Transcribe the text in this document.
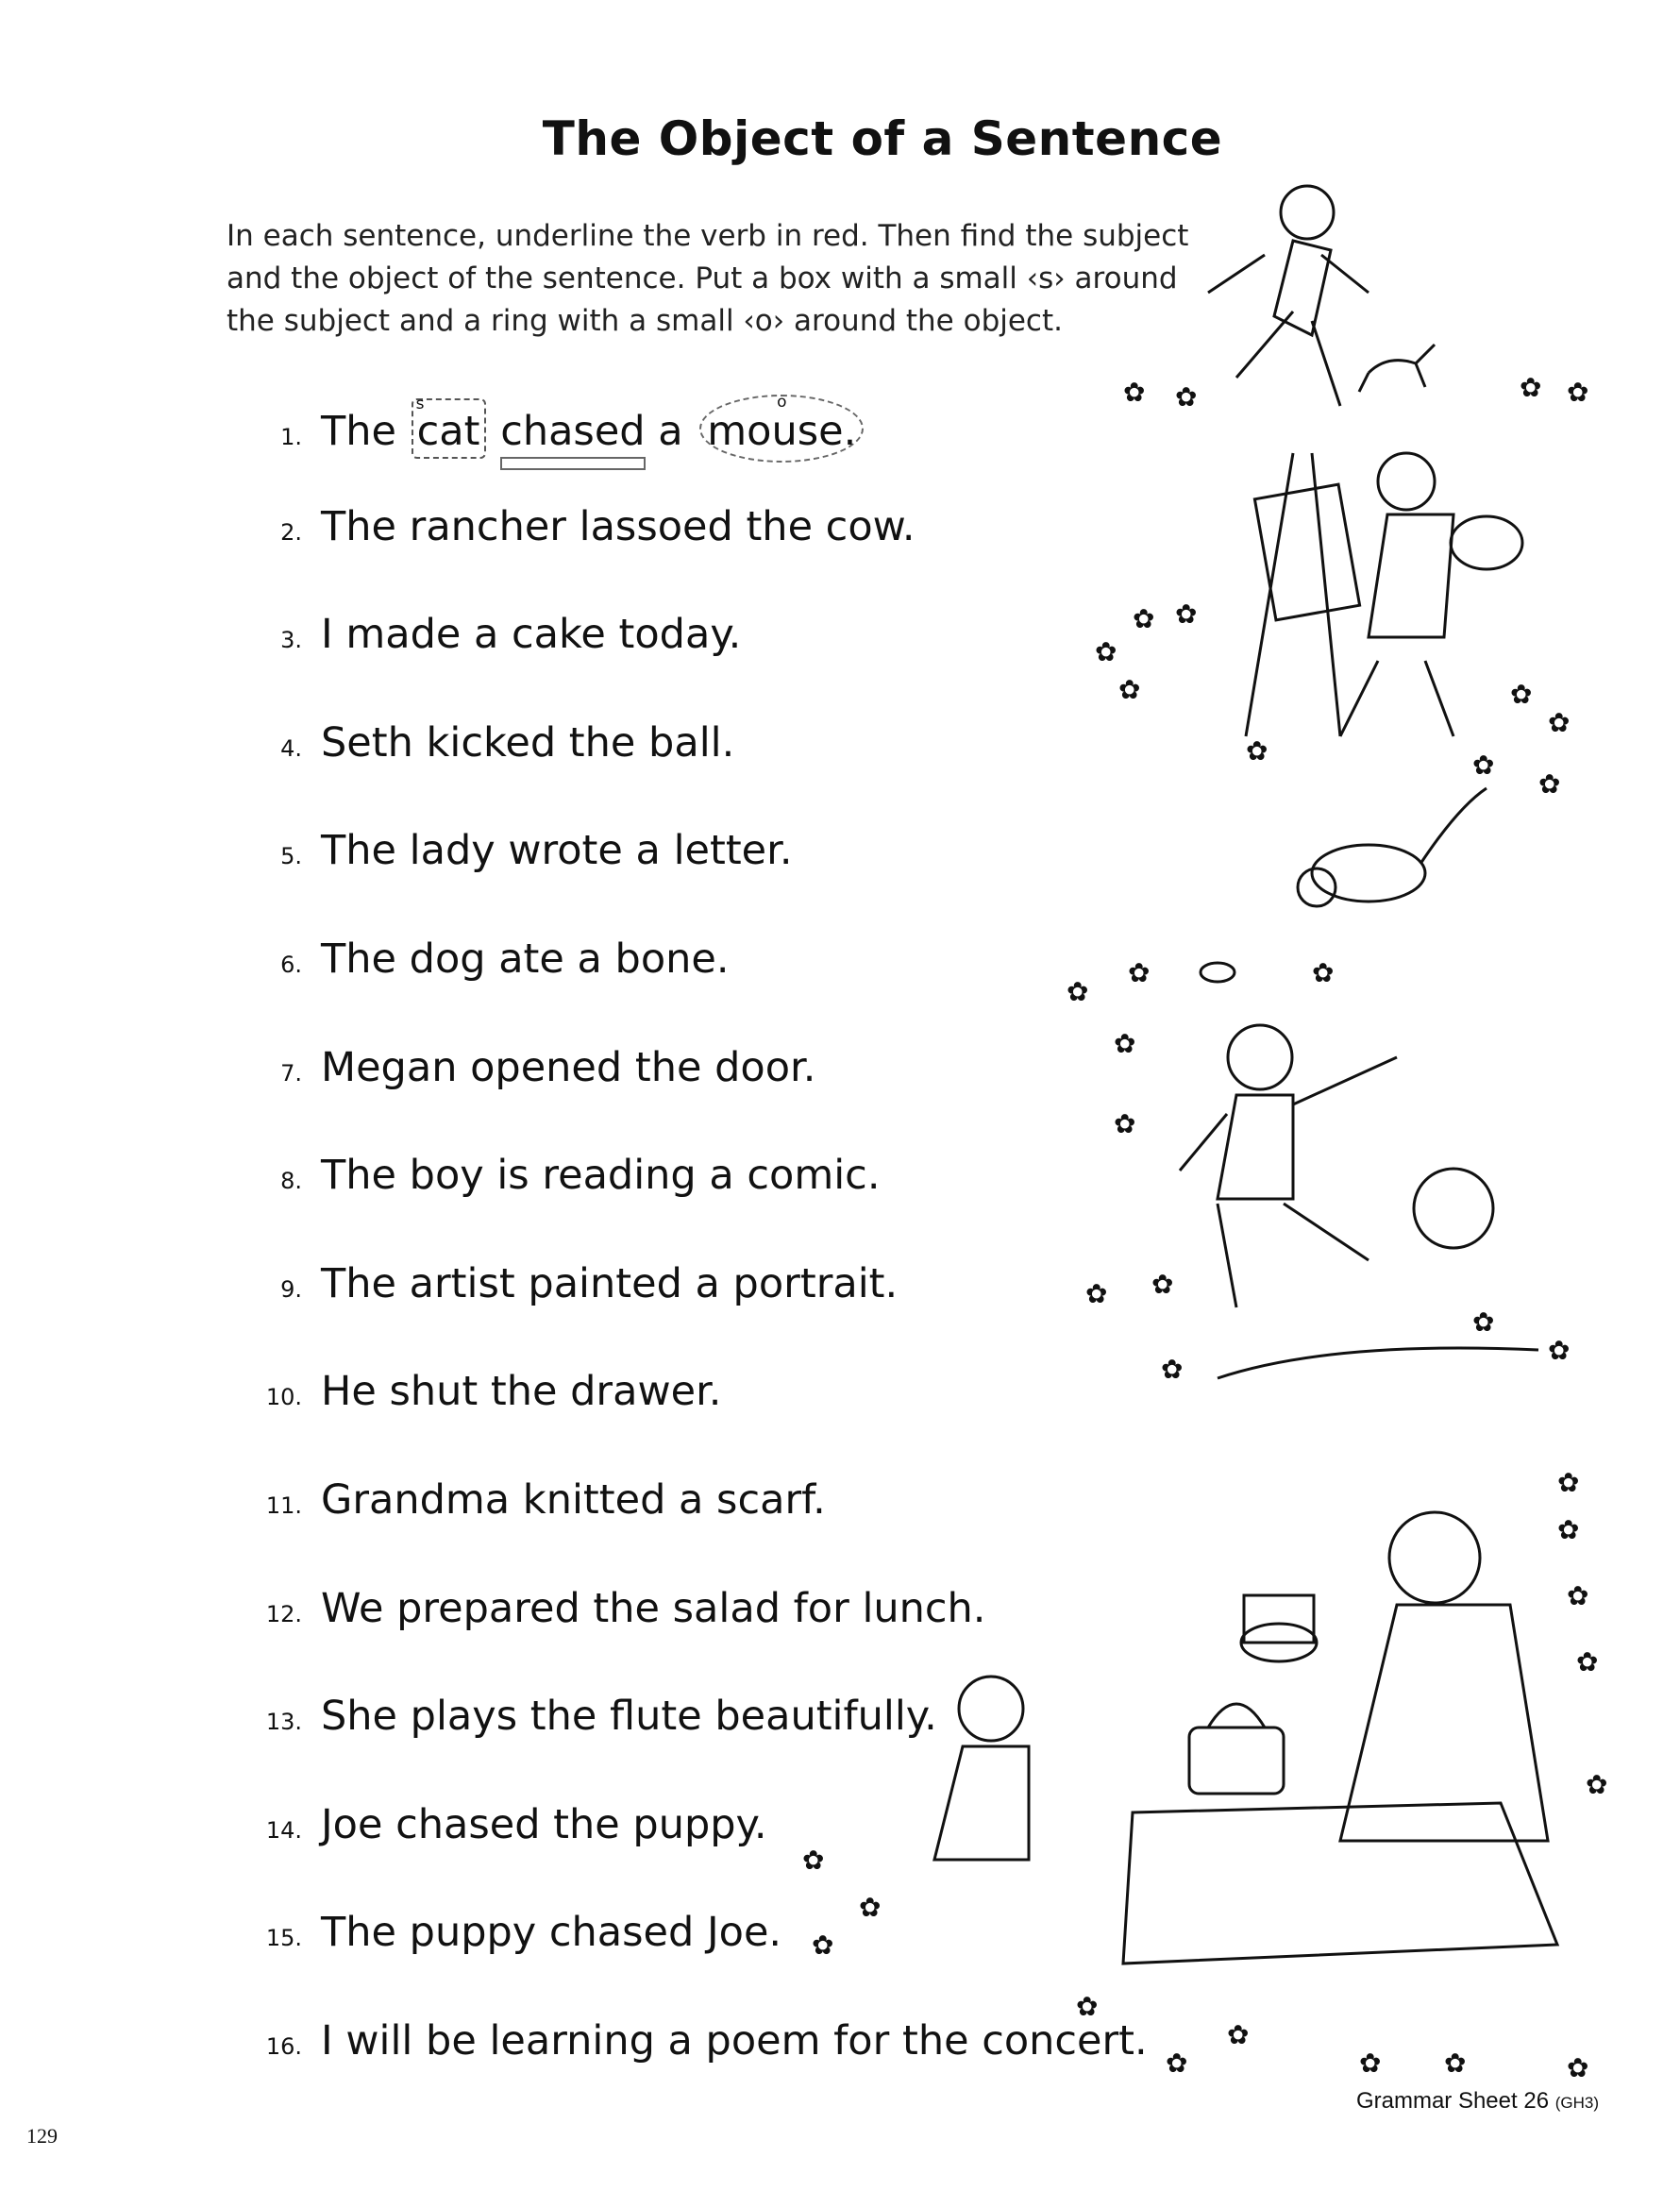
The Object of a Sentence
In each sentence, underline the verb in red. Then find the subject and the object of the sentence. Put a box with a small ‹s› around the subject and a ring with a small ‹o› around the object.
1. The
s
cat chased a
o
mouse.
2. The rancher lassoed the cow.
3. I made a cake today.
4. Seth kicked the ball.
5. The lady wrote a letter.
6. The dog ate a bone.
7. Megan opened the door.
8. The boy is reading a comic.
9. The artist painted a portrait.
10. He shut the drawer.
11. Grandma knitted a scarf.
12. We prepared the salad for lunch.
13. She plays the flute beautifully.
14. Joe chased the puppy.
15. The puppy chased Joe.
16. I will be learning a poem for the concert.
✿ ✿	✿ ✿
✿ ✿
✿
✿	✿
✿
✿	✿
✿
✿
✿	✿
✿
✿
✿ ✿
✿
✿
✿
✿
✿
✿
✿
✿
✿
✿
✿
✿
✿
✿
✿ ✿	✿
Grammar Sheet 26 (GH3)
129
